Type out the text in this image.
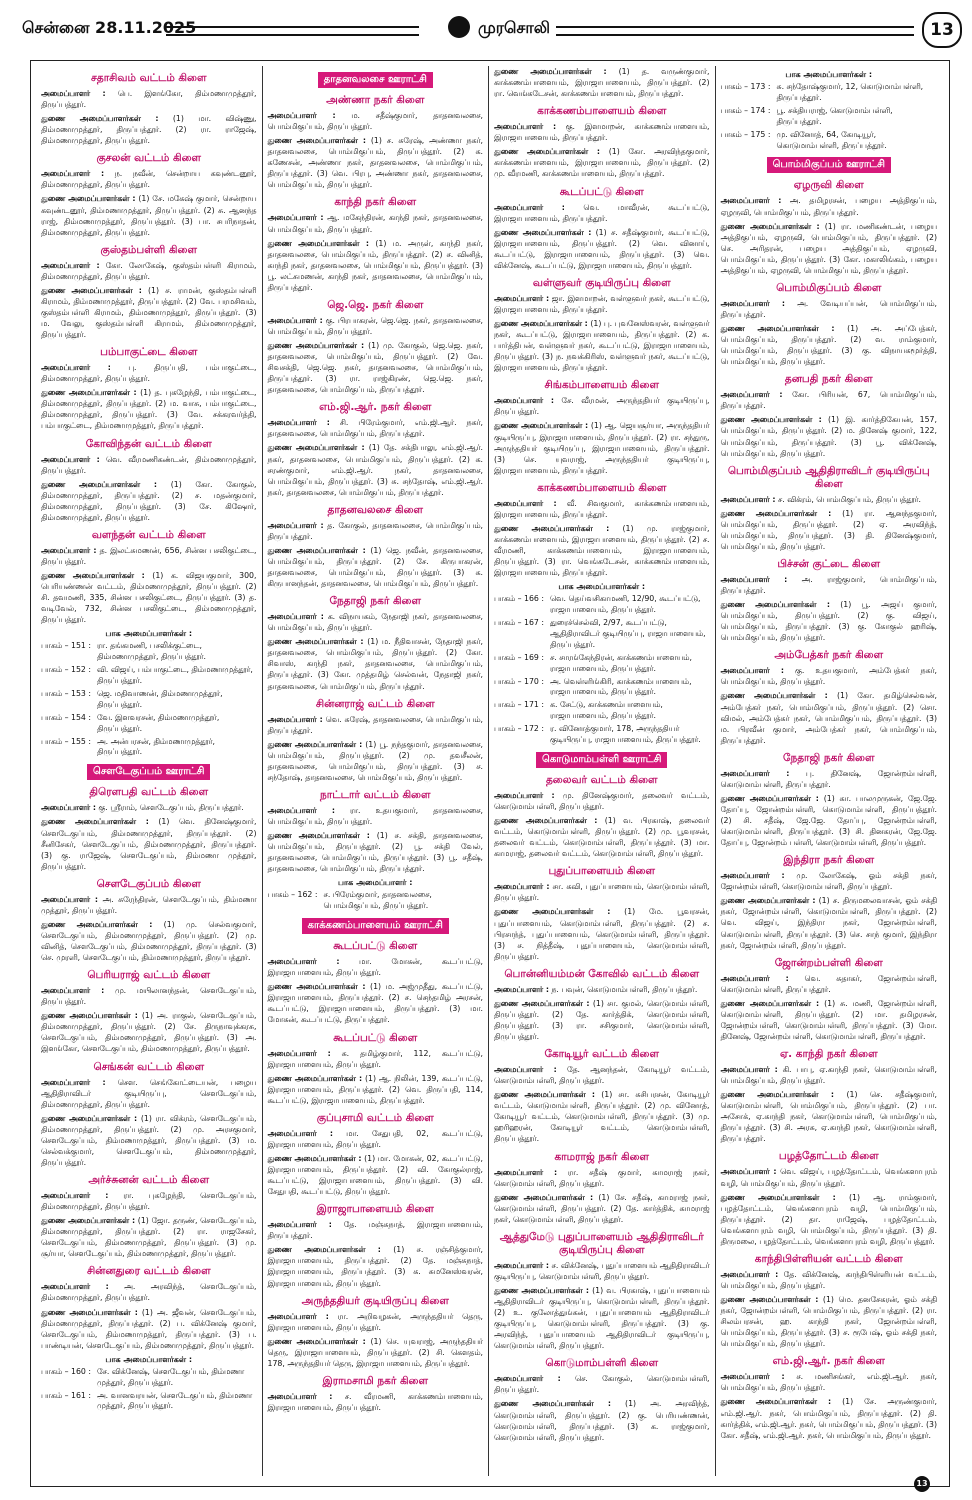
சென்னை 28.11.2025	முரசொலி	13
சதாசிவம் வட்டம் கிளை
அமைப்பாளர் : பெ. இளங்கோ, திம்மணாமுத்தூர், திருப்பத்தூர்.
துணை அமைப்பாளர்கள் : (1) மா. விஷ்ணு, திம்மணாமுத்தூர், திருப்பத்தூர். (2) ரா. ராஜேஷ், திம்மணாமுத்தூர், திருப்பத்தூர்.
குசலன் வட்டம் கிளை
அமைப்பாளர் : ந. நவீன், சென்றாய கவுண்டனூர், திம்மணாமுத்தூர், திருப்பத்தூர்.
துணை அமைப்பாளர்கள் : (1) சே. மகேஷ் குமார், சென்றாய கவுண்டனூர், திம்மணாமுத்தூர், திருப்பத்தூர். (2) சு. ஆனந்த ராஜ், திம்மணாமுத்தூர், திருப்பத்தூர். (3) பா. சபரிநாதன், திம்மணாமுத்தூர், திருப்பத்தூர்.
குஸ்தம்பள்ளி கிளை
அமைப்பாளர் : கோ. லோகேஷ், குஸ்தம்பள்ளி கிராமம், திம்மணாமுத்தூர், திருப்பத்தூர்.
துணை அமைப்பாளர்கள் : (1) ச. ராமன், குஸ்தம்பள்ளி கிராமம், திம்மணாமுத்தூர், திருப்பத்தூர். (2) வே. பரமசிவம், குஸ்தம்பள்ளி கிராமம், திம்மணாமுத்தூர், திருப்பத்தூர். (3) ம. வேலு, குஸ்தம்பள்ளி கிராமம், திம்மணாமுத்தூர், திருப்பத்தூர்.
பம்பாகுட்டை கிளை
அமைப்பாளர் : பு. திருப்பதி, பம்பாகுட்டை, திம்மணாமுத்தூர், திருப்பத்தூர்.
துணை அமைப்பாளர்கள் : (1) த. புகழேந்தி, பம்பாகுட்டை, திம்மணாமுத்தூர், திருப்பத்தூர். (2) ம. வாசு, பம்பாகுட்டை, திம்மணாமுத்தூர், திருப்பத்தூர். (3) வே. சக்கரவர்த்தி, பம்பாகுட்டை, திம்மணாமுத்தூர், திருப்பத்தூர்.
கோவிந்தன் வட்டம் கிளை
அமைப்பாளர் : வெ. வீரமணிகண்டன், திம்மணாமுத்தூர், திருப்பத்தூர்.
துணை அமைப்பாளர்கள் : (1) கோ. கோகுல், திம்மணாமுத்தூர், திருப்பத்தூர். (2) ச. மதன்குமார், திம்மணாமுத்தூர், திருப்பத்தூர். (3) சே. கிஷோர், திம்மணாமுத்தூர், திருப்பத்தூர்.
வளந்தன் வட்டம் கிளை
அமைப்பாளர் : த. இலட்சுமணன், 656, சின்ன பசலிகுட்டை, திருப்பத்தூர்.
துணை அமைப்பாளர்கள் : (1) க. விஜயகுமார், 300, பெரியண்ணன் வட்டம், திம்மணாமுத்தூர், திருப்பத்தூர். (2) சி. தவமணி, 335, சின்ன பசலிகுட்டை, திருப்பத்தூர். (3) த. வடிவேல், 732, சின்ன பசலிகுட்டை, திம்மணாமுத்தூர், திருப்பத்தூர்.
பாக அமைப்பாளர்கள் :
பாகம் – 151 : ரா. தங்கமணி, பசலிக்குட்டை, திம்மணாமுத்தூர், திருப்பத்தூர்.
பாகம் – 152 : வி. விஜய், பம்பாகுட்டை, திம்மணாமுத்தூர், திருப்பத்தூர்.
பாகம் – 153 : ஜெ. மதிவாணன், திம்மணாமுத்தூர், திருப்பத்தூர்.
பாகம் – 154 : வே. இளவரசன், திம்மணாமுத்தூர், திருப்பத்தூர்.
பாகம் – 155 : அ. அன்பரசன், திம்மணாமுத்தூர், திருப்பத்தூர்.
சௌடேகுப்பம் ஊராட்சி
திரௌபதி வட்டம் கிளை
அமைப்பாளர் : கு. ஸ்ரீராம், சௌடேகுப்பம், திருப்பத்தூர்.
துணை அமைப்பாளர்கள் : (1) வெ. தினேஷ்குமார், சௌடேகுப்பம், திம்மணாமுத்தூர், திருப்பத்தூர். (2) சீனிசேகர், சௌடேகுப்பம், திம்மணாமுத்தூர், திருப்பத்தூர். (3) கு. ராஜேஷ், சௌடேகுப்பம், திம்மணா முத்தூர், திருப்பத்தூர்.
சௌடேகுப்பம் கிளை
அமைப்பாளர் : அ. சுரேந்திரன், சௌடேகுப்பம், திம்மணா முத்தூர், திருப்பத்தூர்.
துணை அமைப்பாளர்கள் : (1) மு. செல்வகுமார், சௌடேகுப்பம், திம்மணாமுத்தூர், திருப்பத்தூர். (2) மு. வினித், சௌடேகுப்பம், திம்மணாமுத்தூர், திருப்பத்தூர். (3) செ. முரளி, சௌடேகுப்பம், திம்மணாமுத்தூர், திருப்பத்தூர்.
பெரியராஜ் வட்டம் கிளை
அமைப்பாளர் : மு. மயிலானந்தன், சௌடேகுப்பம், திருப்பத்தூர்.
துணை அமைப்பாளர்கள் : (1) அ. ராகுல், சௌடேகுப்பம், திம்மணாமுத்தூர், திருப்பத்தூர். (2) சே. திருநாவுக்கரசு, சௌடேகுப்பம், திம்மணாமுத்தூர், திருப்பத்தூர். (3) அ. இளங்கோ, சௌடேகுப்பம், திம்மணாமுத்தூர், திருப்பத்தூர்.
செங்கன் வட்டம் கிளை
அமைப்பாளர் : சௌ. செங்கோட்டையன், பழைய ஆதிதிராவிடர் குடியிருப்பு, சௌடேகுப்பம், திம்மணாமுத்தூர், திருப்பத்தூர்.
துணை அமைப்பாளர்கள் : (1) ரா. விக்ரம், சௌடேகுப்பம், திம்மணாமுத்தூர், திருப்பத்தூர். (2) மு. அரசகுமார், சௌடேகுப்பம், திம்மணாமுத்தூர், திருப்பத்தூர். (3) ம. செல்வக்குமார், சௌடேகுப்பம், திம்மணாமுத்தூர், திருப்பத்தூர்.
அர்ச்சுனன் வட்டம் கிளை
அமைப்பாளர் : ரா. புகழேந்தி, சௌடேகுப்பம், திம்மணாமுத்தூர், திருப்பத்தூர்.
துணை அமைப்பாளர்கள் : (1) ஜோ. தருண், சௌடேகுப்பம், திம்மணாமுத்தூர், திருப்பத்தூர். (2) ரா. ராஜசேகர், சௌடேகுப்பம், திம்மணாமுத்தூர், திருப்பத்தூர். (3) மு. சூர்யா, சௌடேகுப்பம், திம்மணாமுத்தூர், திருப்பத்தூர்.
சின்னதுரை வட்டம் கிளை
அமைப்பாளர் : அ. அரவிந்த், சௌடேகுப்பம், திம்மணாமுத்தூர், திருப்பத்தூர்.
துணை அமைப்பாளர்கள் : (1) அ. ஜீவன், சௌடேகுப்பம், திம்மணாமுத்தூர், திருப்பத்தூர். (2) ப. விக்னேஷ் குமார், சௌடேகுப்பம், திம்மணாமுத்தூர், திருப்பத்தூர். (3) ப. பாண்டியன், சௌடேகுப்பம், திம்மணாமுத்தூர், திருப்பத்தூர்.
பாக அமைப்பாளர்கள் :
பாகம் – 160 : சே. விக்னேஷ், சௌடேகுப்பம், திம்மணா முத்தூர், திருப்பத்தூர்.
பாகம் – 161 : அ. வானவரயன், சௌடேகுப்பம், திம்மணா முத்தூர், திருப்பத்தூர்.
தாதனவலசை ஊராட்சி
அண்ணா நகர் கிளை
அமைப்பாளர் : ம. சதீஷ்குமார், தாதனவலசை, பொம்மிகுப்பம், திருப்பத்தூர்.
துணை அமைப்பாளர்கள் : (1) ச. சுரேஷ், அண்ணா நகர், தாதனவலசை, பொம்மிகுப்பம், திருப்பத்தூர். (2) க. கணேசன், அண்ணா நகர், தாதனவலசை, பொம்மிகுப்பம், திருப்பத்தூர். (3) வெ. பிரபு, அண்ணா நகர், தாதனவலசை, பொம்மிகுப்பம், திருப்பத்தூர்.
காந்தி நகர் கிளை
அமைப்பாளர் : ஆ. மகேந்திரன், காந்தி நகர், தாதனவலசை, பொம்மிகுப்பம், திருப்பத்தூர்.
துணை அமைப்பாளர்கள் : (1) ம. அருள், காந்தி நகர், தாதனவலசை, பொம்மிகுப்பம், திருப்பத்தூர். (2) ச. வினித், காந்தி நகர், தாதனவலசை, பொம்மிகுப்பம், திருப்பத்தூர். (3) பூ. லட்சுமணன், காந்தி நகர், தாதனவலசை, பொம்மிகுப்பம், திருப்பத்தூர்.
ஜெ.ஜெ. நகர் கிளை
அமைப்பாளர் : கு. பிரபாகரன், ஜெ.ஜெ. நகர், தாதனவலசை, பொம்மிகுப்பம், திருப்பத்தூர்.
துணை அமைப்பாளர்கள் : (1) மு. கோகுல், ஜெ.ஜெ. நகர், தாதனவலசை, பொம்மிகுப்பம், திருப்பத்தூர். (2) வே. சிவசக்தி, ஜெ.ஜெ. நகர், தாதனவலசை, பொம்மிகுப்பம், திருப்பத்தூர். (3) ரா. ராஜ்கிரண், ஜெ.ஜெ. நகர், தாதனவலசை, பொம்மிகுப்பம், திருப்பத்தூர்.
எம்.ஜி.ஆர். நகர் கிளை
அமைப்பாளர் : சி. பிரேம்குமார், எம்.ஜி.ஆர். நகர், தாதனவலசை, பொம்மிகுப்பம், திருப்பத்தூர்.
துணை அமைப்பாளர்கள் : (1) தே. சக்திபாலு, எம்.ஜி.ஆர். நகர், தாதனவலசை, பொம்மிகுப்பம், திருப்பத்தூர். (2) க. சரண்குமார், எம்.ஜி.ஆர். நகர், தாதனவலசை, பொம்மிகுப்பம், திருப்பத்தூர். (3) சு. சந்தோஷ், எம்.ஜி.ஆர். நகர், தாதனவலசை, பொம்மிகுப்பம், திருப்பத்தூர்.
தாதனவலசை கிளை
அமைப்பாளர் : த. கோகுல், தாதனவலசை, பொம்மிகுப்பம், திருப்பத்தூர்.
துணை அமைப்பாளர்கள் : (1) ஜெ. நவீன், தாதனவலசை, பொம்மிகுப்பம், திருப்பத்தூர். (2) சே. கிருபாகரன், தாதனவலசை, பொம்மிகுப்பம், திருப்பத்தூர். (3) க. கிருபானந்தன், தாதனவலசை, பொம்மிகுப்பம், திருப்பத்தூர்.
நேதாஜி நகர் கிளை
அமைப்பாளர் : க. விநாயகம், நேதாஜி நகர், தாதனவலசை, பொம்மிகுப்பம், திருப்பத்தூர்.
துணை அமைப்பாளர்கள் : (1) ம. நீதிவாசன், நேதாஜி நகர், தாதனவலசை, பொம்மிகுப்பம், திருப்பத்தூர். (2) கோ. சிவாஸ், காந்தி நகர், தாதனவலசை, பொம்மிகுப்பம், திருப்பத்தூர். (3) கோ. முத்தமிழ் செல்வன், நேதாஜி நகர், தாதனவலசை, பொம்மிகுப்பம், திருப்பத்தூர்.
சின்னராஜ் வட்டம் கிளை
அமைப்பாளர் : வெ. சுரேஷ், தாதனவலசை, பொம்மிகுப்பம், திருப்பத்தூர்.
துணை அமைப்பாளர்கள் : (1) பூ. நந்தகுமார், தாதனவலசை, பொம்மிகுப்பம், திருப்பத்தூர். (2) மு. தவசீலன், தாதனவலசை, பொம்மிகுப்பம், திருப்பத்தூர். (3) ச. சந்தோஷ், தாதனவலசை, பொம்மிகுப்பம், திருப்பத்தூர்.
நாட்டார் வட்டம் கிளை
அமைப்பாளர் : ரா. உதயகுமார், தாதனவலசை, பொம்மிகுப்பம், திருப்பத்தூர்.
துணை அமைப்பாளர்கள் : (1) ச. சக்தி, தாதனவலசை, பொம்மிகுப்பம், திருப்பத்தூர். (2) பூ. சக்தி வேல், தாதனவலசை, பொம்மிகுப்பம், திருப்பத்தூர். (3) பூ. சதீஷ், தாதனவலசை, பொம்மிகுப்பம், திருப்பத்தூர்.
பாக அமைப்பாளர் :
பாகம் – 162 : ச. பிரேம்குமார், தாதனவலசை, பொம்மிகுப்பம், திருப்பத்தூர்.
காக்கணம்பாளையம் ஊராட்சி
கூடப்பட்டு கிளை
அமைப்பாளர் :	மா. மோகன், கூடப்பட்டு, இராஜாபாளையம், திருப்பத்தூர்.
துணை அமைப்பாளர்கள் : (1) ம. அஜ்முதீது, கூடப்பட்டு, இராஜாபாளையம், திருப்பத்தூர். (2) ச. செந்தமிழ் அரசன், கூடப்பட்டு, இராஜாபாளையம், திருப்பத்தூர். (3) மா. மோகன், கூடப்பட்டு, திருப்பத்தூர்.
கூடப்பட்டு கிளை
அமைப்பாளர் : சு. தமிழ்குமார், 112, கூடப்பட்டு, இராஜாபாளையம், திருப்பத்தூர்.
துணை அமைப்பாளர்கள் : (1) ஆ. நிலின், 139, கூடப்பட்டு, இராஜாபாளையம், திருப்பத்தூர். (2) வெ. திருப்பதி, 114, கூடப்பட்டு, இராஜாபாளையம், திருப்பத்தூர்.
குப்புசாமி வட்டம் கிளை
அமைப்பாளர் : மா. சேதுபதி, 02, கூடப்பட்டு, இராஜாபாளையம், திருப்பத்தூர்.
துணை அமைப்பாளர்கள் : (1) மா. மோகன், 02, கூடப்பட்டு, இராஜாபாளையம், திருப்பத்தூர். (2) வி. கோகுல்ராஜ், கூடப்பட்டு, இராஜாபாளையம், திருப்பத்தூர். (3) வி. சேதுபதி, கூடப்பட்டு, திருப்பத்தூர்.
இராஜாபாளையம் கிளை
அமைப்பாளர் : தே. மஞ்சுநாத், இராஜாபாளையம், திருப்பத்தூர்.
துணை அமைப்பாளர்கள் : (1) ச. ரஞ்சித்குமார், இராஜாபாளையம், திருப்பத்தூர். (2) தே. மஞ்சுநாத், இராஜாபாளையம், திருப்பத்தூர். (3) க. சுமனேஸ்வரன், இராஜாபாளையம், திருப்பத்தூர்.
அருந்ததியர் குடியிருப்பு கிளை
அமைப்பாளர் : ரா. அறிவழகன், அருந்ததியர் தெரு, இராஜாபாளையம், திருப்பத்தூர்.
துணை அமைப்பாளர்கள் : (1) செ. யுவராஜ், அருந்ததியர் தெரு, இராஜாபாளையம், திருப்பத்தூர். (2) சி. கௌதம், 178, அருந்ததியர் தெரு, இராஜாபாளையம், திருப்பத்தூர்.
இராமசாமி நகர் கிளை
அமைப்பாளர் : ச. வீரமணி, காக்கணம்பாளையம், இராஜாபாளையம், திருப்பத்தூர்.
துணை அமைப்பாளர்கள் : (1) த. வருண்குமார், காக்கணம்பாளையம், இராஜாபாளையம், திருப்பத்தூர். (2) ரா. வெங்கடேசன், காக்கணம்பாளையம், திருப்பத்தூர்.
காக்கணம்பாளையம் கிளை
அமைப்பாளர் : கு. இளமாறன், காக்கணம்பாளையம், இராஜாபாளையம், திருப்பத்தூர்.
துணை அமைப்பாளர்கள் : (1) கோ. அரவிந்தகுமார், காக்கணம்பாளையம், இராஜாபாளையம், திருப்பத்தூர். (2) மு. வீரமணி, காக்கணம்பாளையம், திருப்பத்தூர்.
கூடப்பட்டு கிளை
அமைப்பாளர் : வெ. மாவீரன், கூடப்பட்டு, இராஜாபாளையம், திருப்பத்தூர்.
துணை அமைப்பாளர்கள் : (1) ச. சதீஷ்குமார், கூடப்பட்டு, இராஜாபாளையம், திருப்பத்தூர். (2) வெ. வினாய், கூடப்பட்டு, இராஜாபாளையம், திருப்பத்தூர். (3) வெ. விக்னேஷ், கூடப்பட்டு, இராஜாபாளையம், திருப்பத்தூர்.
வள்ளுவர் குடியிருப்பு கிளை
அமைப்பாளர் : ஜா. இளமாறன், வள்ளுவர் நகர், கூடப்பட்டு, இராஜாபாளையம், திருப்பத்தூர்.
துணை அமைப்பாளர்கள் : (1) பு. புவனேஸ்வரன், வள்ளுவர் நகர், கூடப்பட்டு, இராஜாபாளையம், திருப்பத்தூர். (2) க. பார்த்திபன், வள்ளுவர் நகர், கூடப்பட்டு, இராஜாபாளையம், திருப்பத்தூர். (3) ந. நவக்கிரிஸ், வள்ளுவர் நகர், கூடப்பட்டு, இராஜாபாளையம், திருப்பத்தூர்.
சிங்கம்பாளையம் கிளை
அமைப்பாளர் : சே. வீரமன், அருந்ததியர் குடியிருப்பு, திருப்பத்தூர்.
துணை அமைப்பாளர்கள் : (1) ஆ. ஜெயசூர்யா, அருந்ததியர் குடியிருப்பு, இராஜாபாளையம், திருப்பத்தூர். (2) ரா. சந்துரு, அருந்ததியர் குடியிருப்பு, இராஜாபாளையம், திருப்பத்தூர். (3) செ. யுவராஜ், அருந்ததியர் குடியிருப்பு, இராஜாபாளையம், திருப்பத்தூர்.
காக்கணம்பாளையம் கிளை
அமைப்பாளர் : வீ. சிவகுமார், காக்கணம்பாளையம், இராஜாபாளையம், திருப்பத்தூர்.
துணை அமைப்பாளர்கள் : (1) மு. ராஜ்குமார், காக்கணம்பாளையம், இராஜாபாளையம், திருப்பத்தூர். (2) ச. வீரமணி, காக்கணம்பாளையம், இராஜாபாளையம், திருப்பத்தூர். (3) ரா. வெங்கடேசன், காக்கணம்பாளையம், இராஜாபாளையம், திருப்பத்தூர்.
பாக அமைப்பாளர்கள் :
பாகம் – 166 : வெ. தெய்வசிகாமணி, 12/90, கூடப்பட்டு, ராஜாபாளையம், திருப்பத்தூர்.
பாகம் – 167 : துரைச்செல்வி, 2/97, கூடப்பட்டு, ஆதிதிராவிடர் குடியிருப்பு, ராஜாபாளையம், திருப்பத்தூர்.
பாகம் – 169 : ச. சாரங்கேந்திரன், காக்கணம்பாளையம், ராஜாபாளையம், திருப்பத்தூர்.
பாகம் – 170 : அ. வெள்ளிங்கிரி, காக்கணம்பாளையம், ராஜாபாளையம், திருப்பத்தூர்.
பாகம் – 171 : க. சேட்டு, காக்கணம்பாளையம், ராஜாபாளையம், திருப்பத்தூர்.
பாகம் – 172 : ர. வினோத்குமார், 178, அருந்ததியர் குடியிருப்பு, ராஜாபாளையம், திருப்பத்தூர்.
கொடுமாம்பள்ளி ஊராட்சி
தலைவர் வட்டம் கிளை
அமைப்பாளர் : மு. தினேஷ்குமார், தலைவர் வட்டம், கொடுமாம்பள்ளி, திருப்பத்தூர்.
துணை அமைப்பாளர்கள் : (1) வ. பிரகாஷ், தலைவர் வட்டம், கொடுமாம்பள்ளி, திருப்பத்தூர். (2) மு. பூவரசன், தலைவர் வட்டம், கொடுமாம்பள்ளி, திருப்பத்தூர். (3) மா. காமராஜ், தலைவர் வட்டம், கொடுமாம்பள்ளி, திருப்பத்தூர்.
புதுப்பாளையம் கிளை
அமைப்பாளர் : சா. கவி, புதுப்பாளையம், கொடுமாம்பள்ளி, திருப்பத்தூர்.
துணை அமைப்பாளர்கள் : (1) மே. பூவரசன், புதுப்பாளையம், கொடுமாம்பள்ளி, திருப்பத்தூர். (2) ச. பிரசாந்த், புதுப்பாளையம், கொடுமாம்பள்ளி, திருப்பத்தூர். (3) ச. நித்தீஷ், புதுப்பாளையம், கொடுமாம்பள்ளி, திருப்பத்தூர்.
பொன்னியம்மன் கோவில் வட்டம் கிளை
அமைப்பாளர் : ந. பவுன், கொடுமாம்பள்ளி, திருப்பத்தூர்.
துணை அமைப்பாளர்கள் : (1) சா. குமல், கொடுமாம்பள்ளி, திருப்பத்தூர். (2) தே. கார்த்திக், கொடுமாம்பள்ளி, திருப்பத்தூர். (3) ரா. சசிகுமார், கொடுமாம்பள்ளி, திருப்பத்தூர்.
கோடியூர் வட்டம் கிளை
அமைப்பாளர் : தே. ஆனந்தன், கோடியூர் வட்டம், கொடுமாம்பள்ளி, திருப்பத்தூர்.
துணை அமைப்பாளர்கள் : (1) சா. சுசிபரசன், கோடியூர் வட்டம், கொடுமாம்பள்ளி, திருப்பத்தூர். (2) மு. வினோத், கோடியூர் வட்டம், கொடுமாம்பள்ளி, திருப்பத்தூர். (3) மு. ஹரிஹரன், கோடியூர் வட்டம், கொடுமாம்பள்ளி, திருப்பத்தூர்.
காமராஜ் நகர் கிளை
அமைப்பாளர் : ரா. சதீஷ் குமார், காமராஜ் நகர், கொடுமாம்பள்ளி, திருப்பத்தூர்.
துணை அமைப்பாளர்கள் : (1) சே. சதீஷ், காமராஜ் நகர், கொடுமாம்பள்ளி, திருப்பத்தூர். (2) தே. கார்த்திக், காமராஜ் நகர், கொடுமாம்பள்ளி, திருப்பத்தூர்.
ஆத்துமேடு புதுப்பாளையம் ஆதிதிராவிடர் குடியிருப்பு கிளை
அமைப்பாளர் : ச. விக்னேஷ், புதுப்பாளையம் ஆதிதிராவிடர் குடியிருப்பு, கொடுமாம்பள்ளி, திருப்பத்தூர்.
துணை அமைப்பாளர்கள் : (1) வ. பிரகாஷ், புதுப்பாளையம் ஆதிதிராவிடர் குடியிருப்பு, கொடுமாம்பள்ளி, திருப்பத்தூர். (2) உ. குலோத்துங்கன், புதுப்பாளையம் ஆதிதிராவிடர் குடியிருப்பு, கொடுமாம்பள்ளி, திருப்பத்தூர். (3) கு. அரவிந்த், புதுப்பாளையம் ஆதிதிராவிடர் குடியிருப்பு, கொடுமாம்பள்ளி, திருப்பத்தூர்.
கொடுமாம்பள்ளி கிளை
அமைப்பாளர் : செ. கோகுல், கொடுமாம்பள்ளி, திருப்பத்தூர்.
துணை அமைப்பாளர்கள் : (1) அ. அரவிந்த், கொடுமாம்பள்ளி, திருப்பத்தூர். (2) கு. பெரியண்ணன், கொடுமாம்பள்ளி, திருப்பத்தூர். (3) க. ராஜ்குமார், கொடுமாம்பள்ளி, திருப்பத்தூர்.
பாக அமைப்பாளர்கள் :
பாகம் – 173 : சு. சந்தோஷ்குமார், 12, கொடுமாம்பள்ளி, திருப்பத்தூர்.
பாகம் – 174 : பூ. சக்தியராஜ், கொடுமாம்பள்ளி, திருப்பத்தூர்.
பாகம் – 175 : மு. வினோத், 64, கோடியூர், கொடுமாம்பள்ளி, திருப்பத்தூர்.
பொம்மிகுப்பம் ஊராட்சி
ஏழருவி கிளை
அமைப்பாளர் : அ. தமிழரசன், பழைய அத்திகுப்பம், ஏழருவி, பொம்மிகுப்பம், திருப்பத்தூர்.
துணை அமைப்பாளர்கள் : (1) ரா. மணிகண்டன், பழைய அத்திகுப்பம், ஏழருவி, பொம்மிகுப்பம், திருப்பத்தூர். (2) செ. அரிதரன், பழைய அத்திகுப்பம், ஏழருவி, பொம்மிகுப்பம், திருப்பத்தூர். (3) கோ. மகாலிங்கம், பழைய அத்திகுப்பம், ஏழருவி, பொம்மிகுப்பம், திருப்பத்தூர்.
பொம்மிகுப்பம் கிளை
அமைப்பாளர் : அ. வேடியப்பன், பொம்மிகுப்பம், திருப்பத்தூர்.
துணை அமைப்பாளர்கள் : (1) அ. அப்பேத்கர், பொம்மிகுப்பம், திருப்பத்தூர். (2) வ. ராம்குமார், பொம்மிகுப்பம், திருப்பத்தூர். (3) கு. விநாயகமூர்த்தி, பொம்மிகுப்பம், திருப்பத்தூர்.
தனபதி நகர் கிளை
அமைப்பாளர் : கோ. பிரியன், 67, பொம்மிகுப்பம், திருப்பத்தூர்.
துணை அமைப்பாளர்கள் : (1) இ. கார்த்திகேயன், 157, பொம்மிகுப்பம், திருப்பத்தூர். (2) ம. தினேஷ் குமார், 122, பொம்மிகுப்பம், திருப்பத்தூர். (3) பூ. விக்னேஷ், பொம்மிகுப்பம், திருப்பத்தூர்.
பொம்மிகுப்பம் ஆதிதிராவிடர் குடியிருப்பு கிளை
அமைப்பாளர் : ச. விக்ரம், பொம்மிகுப்பம், திருப்பத்தூர்.
துணை அமைப்பாளர்கள் : (1) ரா. ஆனந்தகுமார், பொம்மிகுப்பம், திருப்பத்தூர். (2) ஏ. அரவிந்த், பொம்மிகுப்பம், திருப்பத்தூர். (3) தி. தினேஷ்குமார், பொம்மிகுப்பம், திருப்பத்தூர்.
பிச்சன் குட்டை கிளை
அமைப்பாளர் : அ. ராஜ்குமார், பொம்மிகுப்பம், திருப்பத்தூர்.
துணை அமைப்பாளர்கள் : (1) பூ. அஜய் குமார், பொம்மிகுப்பம், திருப்பத்தூர். (2) கு. விஜய், பொம்மிகுப்பம், திருப்பத்தூர். (3) கு. கோகுல் ஹரிஷ், பொம்மிகுப்பம், திருப்பத்தூர்.
அம்பேத்கர் நகர் கிளை
அமைப்பாளர் : கு. உதயகுமார், அம்பேத்கர் நகர், பொம்மிகுப்பம், திருப்பத்தூர்.
துணை அமைப்பாளர்கள் : (1) கோ. தமிழ்செல்வன், அம்பேத்கர் நகர், பொம்மிகுப்பம், திருப்பத்தூர். (2) சொ. விமல், அம்பேத்கர் நகர், பொம்மிகுப்பம், திருப்பத்தூர். (3) ம. பிரவீன் குமார், அம்பேத்கர் நகர், பொம்மிகுப்பம், திருப்பத்தூர்.
நேதாஜி நகர் கிளை
அமைப்பாளர் : பு. தினேஷ், ஜோன்றம்பள்ளி, கொடுமாம்பள்ளி, திருப்பத்தூர்.
துணை அமைப்பாளர்கள் : (1) கா. பாலமுருகன், ஜே.ஜே. தோப்பு, ஜோன்றம்பள்ளி, கொடுமாம்பள்ளி, திருப்பத்தூர். (2) சி. சதீஷ், ஜே.ஜே. தோப்பு, ஜோன்றம்பள்ளி, கொடுமாம்பள்ளி, திருப்பத்தூர். (3) சி. தினகரன், ஜே.ஜே. தோப்பு, ஜோன்றம் பள்ளி, கொடுமாம்பள்ளி, திருப்பத்தூர்.
இந்திரா நகர் கிளை
அமைப்பாளர் : மு. லோகேஷ், ஓம் சக்தி நகர், ஜோன்றம்பள்ளி, கொடுமாம்பள்ளி, திருப்பத்தூர்.
துணை அமைப்பாளர்கள் : (1) ச. திருமலைவாசன், ஓம் சக்தி நகர், ஜோன்றம்பள்ளி, கொடுமாம்பள்ளி, திருப்பத்தூர். (2) வெ. விஜய், இந்திரா நகர், ஜோன்றம்பள்ளி, கொடுமாம்பள்ளி, திருப்பத்தூர். (3) செ. சாந் குமார், இந்திரா நகர், ஜோன்றம்பள்ளி, திருப்பத்தூர்.
ஜோன்றம்பள்ளி கிளை
அமைப்பாளர் : வெ. சுதாகர், ஜோன்றம்பள்ளி, கொடுமாம்பள்ளி, திருப்பத்தூர்.
துணை அமைப்பாளர்கள் : (1) சு. மணி, ஜோன்றம்பள்ளி, கொடுமாம்பள்ளி, திருப்பத்தூர். (2) மா. தமிழரசன், ஜோன்றம்பள்ளி, கொடுமாம்பள்ளி, திருப்பத்தூர். (3) மோ. தினேஷ், ஜோன்றம்பள்ளி, கொடுமாம்பள்ளி, திருப்பத்தூர்.
ஏ. காந்தி நகர் கிளை
அமைப்பாளர் : கி. பாபு, ஏ.காந்தி நகர், கொடுமாம்பள்ளி, பொம்மிகுப்பம், திருப்பத்தூர்.
துணை அமைப்பாளர்கள் : (1) செ. சதீஷ்குமார், கொடுமாம்பள்ளி, பொம்மிகுப்பம், திருப்பத்தூர். (2) பா. அசோக், ஏ.காந்தி நகர், கொடுமாம்பள்ளி, பொம்மிகுப்பம், திருப்பத்தூர். (3) சி. அரசு, ஏ.காந்தி நகர், கொடுமாம்பள்ளி, திருப்பத்தூர்.
பழத்தோட்டம் கிளை
அமைப்பாளர் : வெ. விஜய், பழத்தோட்டம், வெங்களாபுரம் வழி, பொம்மிகுப்பம், திருப்பத்தூர்.
துணை அமைப்பாளர்கள் : (1) ஆ. ராம்குமார், பழத்தோட்டம், வெங்களாபுரம் வழி, பொம்மிகுப்பம், திருப்பத்தூர். (2) தா. ராஜேஷ், பழத்தோட்டம், வெங்களாபுரம் வழி, பொம்மிகுப்பம், திருப்பத்தூர். (3) தி. திருமலை, பழத்தோட்டம், வெங்களாபுரம் வழி, திருப்பத்தூர்.
காந்திபிள்ளியன் வட்டம் கிளை
அமைப்பாளர் : தே. விக்னேஷ், காந்திபிள்ளியன் வட்டம், பொம்மிகுப்பம், திருப்பத்தூர்.
துணை அமைப்பாளர்கள் : (1) மெ. தனசேகரன், ஓம் சக்தி நகர், ஜோன்றம்பள்ளி, பொம்மிகுப்பம், திருப்பத்தூர். (2) ரா. சிலம்பரசன், ஹ. காந்தி நகர், ஜோன்றம்பள்ளி, பொம்மிகுப்பம், திருப்பத்தூர். (3) ச. ரூபேஷ், ஓம் சக்தி நகர், பொம்மிகுப்பம், திருப்பத்தூர்.
எம்.ஜி.ஆர். நகர் கிளை
அமைப்பாளர் : ச. மணிசங்கர், எம்.ஜி.ஆர். நகர், பொம்மிகுப்பம், திருப்பத்தூர்.
துணை அமைப்பாளர்கள் : (1) சே. அருண்குமார், எம்.ஜி.ஆர். நகர், பொம்மிகுப்பம், திருப்பத்தூர். (2) தி. கார்த்திக், எம்.ஜி.ஆர். நகர், பொம்மிகுப்பம், திருப்பத்தூர். (3) கோ. சதீஷ், எம்.ஜி.ஆர். நகர், பொம்மிகுப்பம், திருப்பத்தூர்.
13
